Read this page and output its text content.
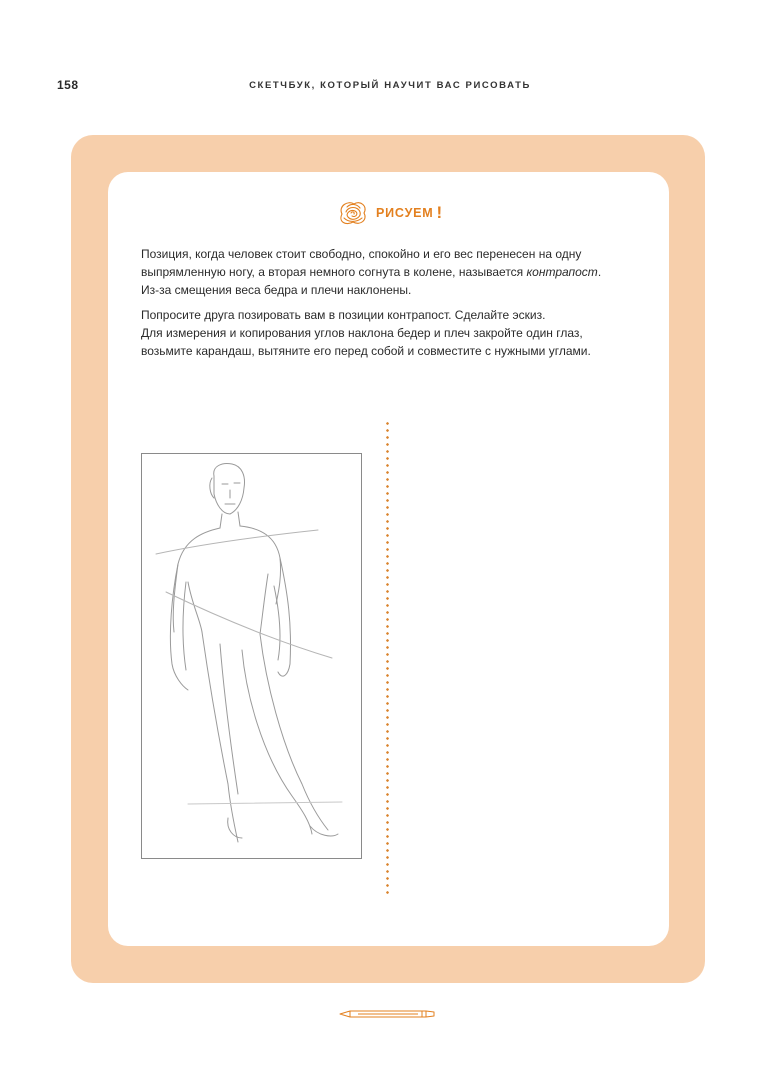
158	СКЕТЧБУК, КОТОРЫЙ НАУЧИТ ВАС РИСОВАТЬ
РИСУЕМ !

Позиция, когда человек стоит свободно, спокойно и его вес перенесен на одну

выпрямленную ногу, а вторая немного согнута в колене, называется контрапост.

Из-за смещения веса бедра и плечи наклонены.

Попросите друга позировать вам в позиции контрапост. Сделайте эскиз.

Для измерения и копирования углов наклона бедер и плеч закройте один глаз,

возьмите карандаш, вытяните его перед собой и совместите с нужными углами.
